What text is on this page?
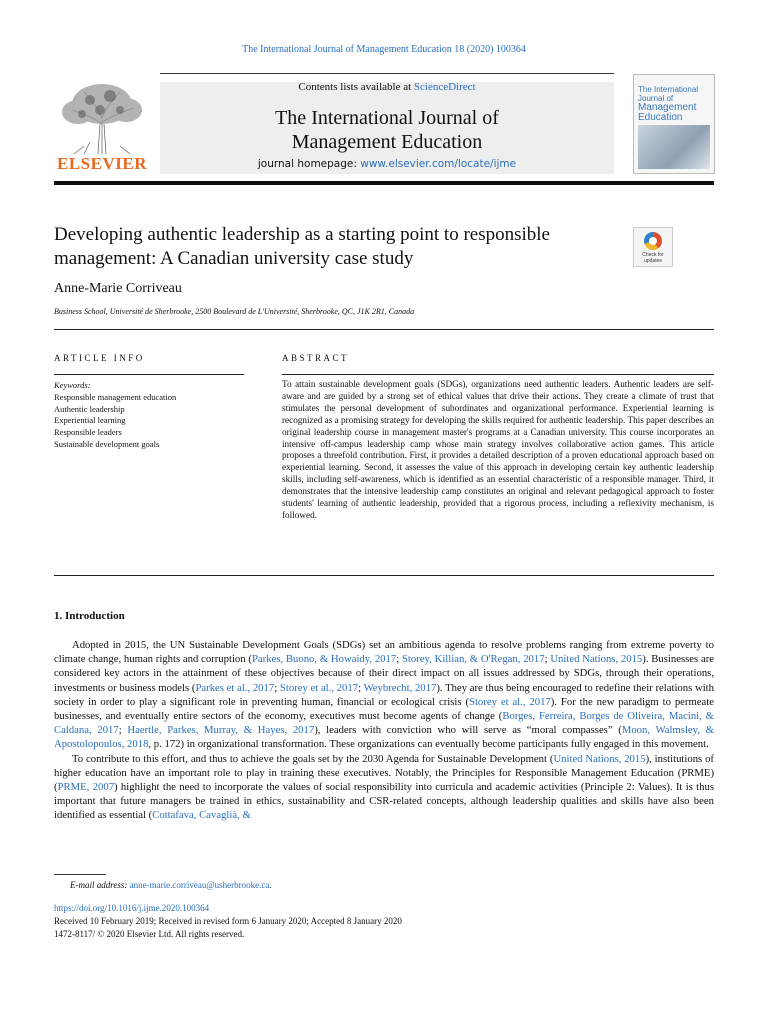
The International Journal of Management Education 18 (2020) 100364
ELSEVIER
Contents lists available at ScienceDirect
The International Journal of
Management Education
journal homepage: www.elsevier.com/locate/ijme
The International
Journal of
Management
Education
Developing authentic leadership as a starting point to responsible
management: A Canadian university case study	Check for
updates
Anne-Marie Corriveau
Business School, Université de Sherbrooke, 2500 Boulevard de L'Université, Sherbrooke, QC, J1K 2R1, Canada
ARTICLE INFO	ABSTRACT
Keywords:
Responsible management education
Authentic leadership
Experiential learning
Responsible leaders
Sustainable development goals
To attain sustainable development goals (SDGs), organizations need authentic leaders. Authentic leaders are self-aware and are guided by a strong set of ethical values that drive their actions. They create a climate of trust that stimulates the personal development of subordinates and organizational performance. Experiential learning is recognized as a promising strategy for developing the skills required for authentic leadership. This paper describes an original leadership course in management master's programs at a Canadian university. This course incorporates an intensive off-campus leadership camp whose main strategy involves collaborative action games. This article proposes a threefold contribution. First, it provides a detailed description of a proven educational approach based on experiential learning. Second, it assesses the value of this approach in developing certain key authentic leadership skills, including self-awareness, which is identified as an essential characteristic of a responsible manager. Third, it demonstrates that the intensive leadership camp constitutes an original and relevant pedagogical approach to foster students' learning of authentic leadership, provided that a rigorous process, including a reflexivity mechanism, is followed.
1. Introduction

Adopted in 2015, the UN Sustainable Development Goals (SDGs) set an ambitious agenda to resolve problems ranging from extreme poverty to climate change, human rights and corruption (Parkes, Buono, & Howaidy, 2017; Storey, Killian, & O'Regan, 2017; United Nations, 2015). Businesses are considered key actors in the attainment of these objectives because of their direct impact on all issues addressed by SDGs, through their operations, investments or business models (Parkes et al., 2017; Storey et al., 2017; Weybrecht, 2017). They are thus being encouraged to redefine their relations with society in order to play a significant role in preventing human, financial or ecological crisis (Storey et al., 2017). For the new paradigm to permeate businesses, and eventually entire sectors of the economy, executives must become agents of change (Borges, Ferreira, Borges de Oliveira, Macini, & Caldana, 2017; Haertle, Parkes, Murray, & Hayes, 2017), leaders with conviction who will serve as “moral compasses” (Moon, Walmsley, & Apostolopoulos, 2018, p. 172) in organizational transformation. These organizations can eventually become participants fully engaged in this movement.

To contribute to this effort, and thus to achieve the goals set by the 2030 Agenda for Sustainable Development (United Nations, 2015), institutions of higher education have an important role to play in training these executives. Notably, the Principles for Responsible Management Education (PRME) (PRME, 2007) highlight the need to incorporate the values of social responsibility into curricula and academic activities (Principle 2: Values). It is thus important that future managers be trained in ethics, sustainability and CSR-related concepts, although leadership qualities and skills have also been identified as essential (Cottafava, Cavaglià, &

E-mail address: anne-marie.corriveau@usherbrooke.ca.
https://doi.org/10.1016/j.ijme.2020.100364
Received 10 February 2019; Received in revised form 6 January 2020; Accepted 8 January 2020
1472-8117/ © 2020 Elsevier Ltd. All rights reserved.
